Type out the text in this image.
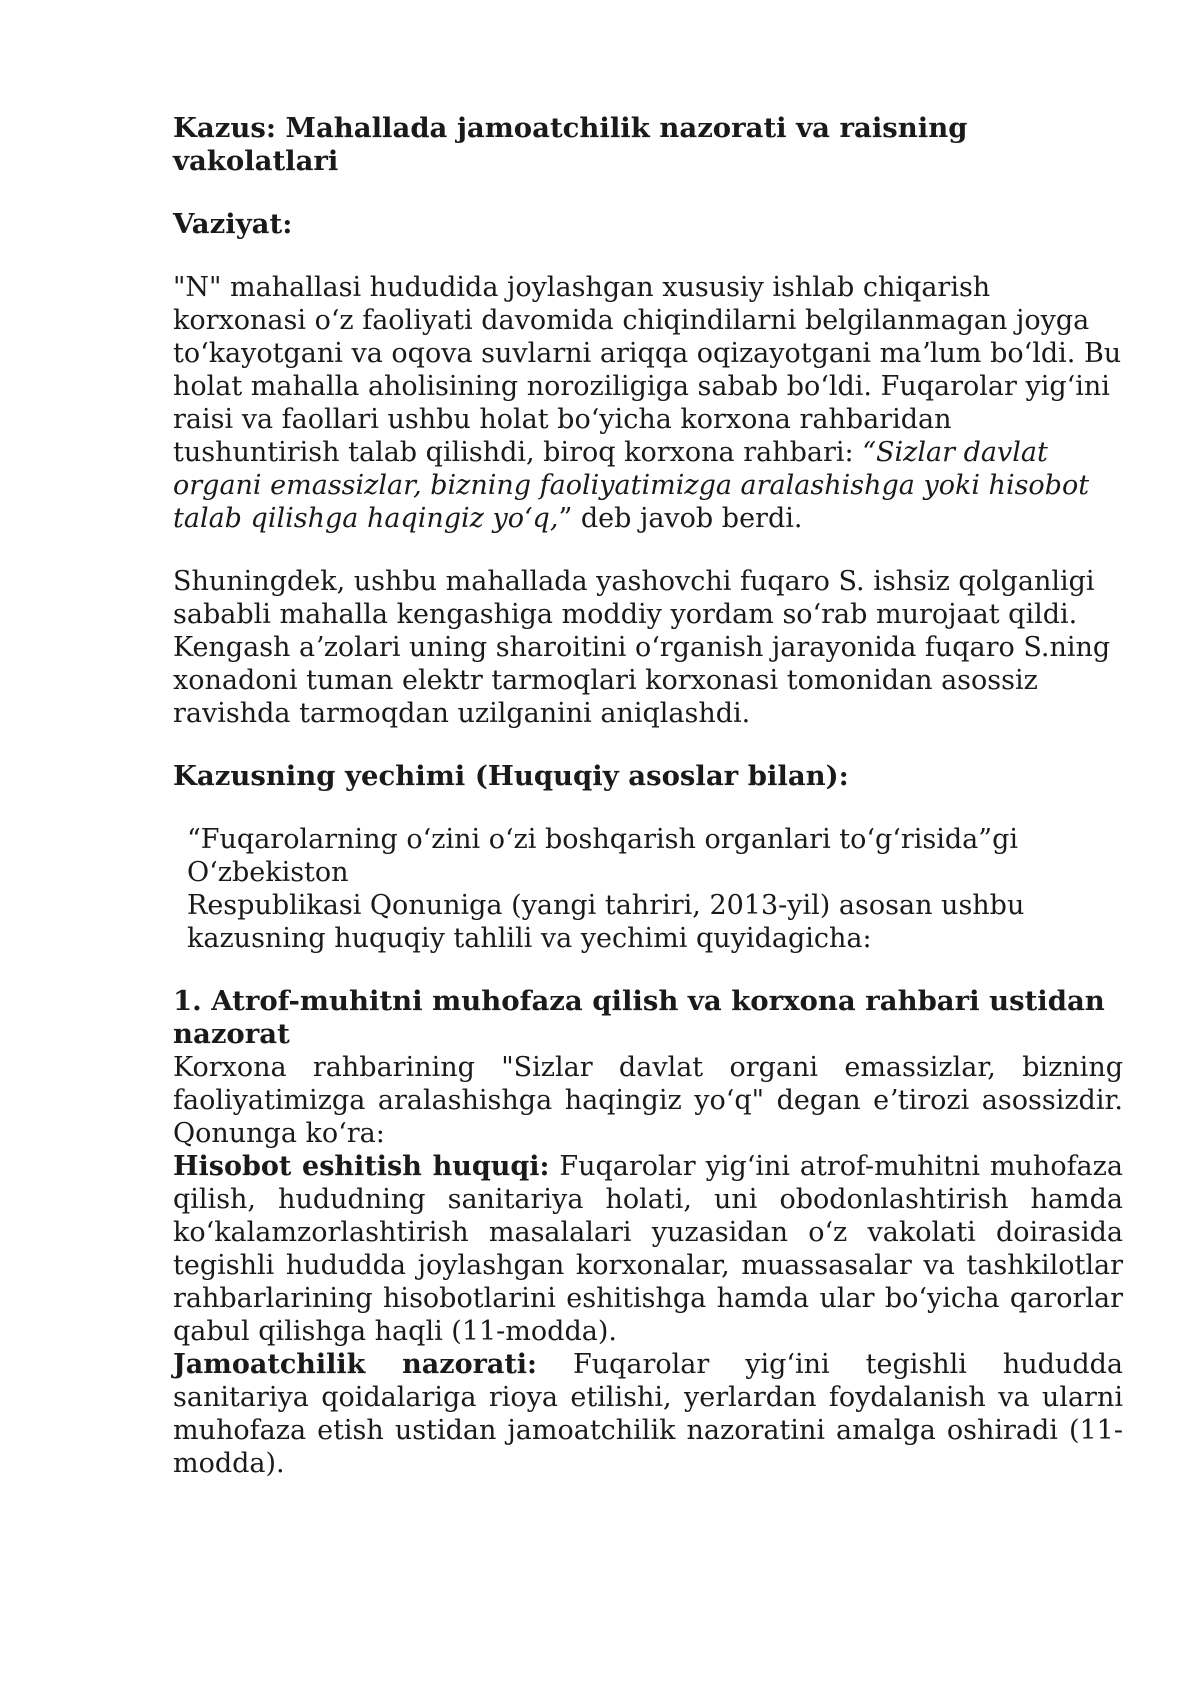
Kazus: Mahallada jamoatchilik nazorati va raisning vakolatlari

Vaziyat:

"N" mahallasi hududida joylashgan xususiy ishlab chiqarish korxonasi oʻz faoliyati davomida chiqindilarni belgilanmagan joyga toʻkayotgani va oqova suvlarni ariqqa oqizayotgani maʼlum boʻldi. Bu holat mahalla aholisining noroziligiga sabab boʻldi. Fuqarolar yigʻini raisi va faollari ushbu holat boʻyicha korxona rahbaridan tushuntirish talab qilishdi, biroq korxona rahbari: “Sizlar davlat organi emassizlar, bizning faoliyatimizga aralashishga yoki hisobot talab qilishga haqingiz yoʻq,” deb javob berdi.

Shuningdek, ushbu mahallada yashovchi fuqaro S. ishsiz qolganligi sababli mahalla kengashiga moddiy yordam soʻrab murojaat qildi. Kengash aʼzolari uning sharoitini oʻrganish jarayonida fuqaro S.ning xonadoni tuman elektr tarmoqlari korxonasi tomonidan asossiz ravishda tarmoqdan uzilganini aniqlashdi.

Kazusning yechimi (Huquqiy asoslar bilan):

“Fuqarolarning oʻzini oʻzi boshqarish organlari toʻgʻrisida”gi Oʻzbekiston

Respublikasi Qonuniga (yangi tahriri, 2013-yil) asosan ushbu kazusning huquqiy tahlili va yechimi quyidagicha:

1. Atrof-muhitni muhofaza qilish va korxona rahbari ustidan nazorat

Korxona rahbarining "Sizlar davlat organi emassizlar, bizning faoliyatimizga aralashishga haqingiz yoʻq" degan eʼtirozi asossizdir. Qonunga koʻra:

Hisobot eshitish huquqi: Fuqarolar yigʻini atrof-muhitni muhofaza qilish, hududning sanitariya holati, uni obodonlashtirish hamda koʻkalamzorlashtirish masalalari yuzasidan oʻz vakolati doirasida tegishli hududda joylashgan korxonalar, muassasalar va tashkilotlar rahbarlarining hisobotlarini eshitishga hamda ular boʻyicha qarorlar qabul qilishga haqli (11-modda).

Jamoatchilik nazorati: Fuqarolar yigʻini tegishli hududda sanitariya qoidalariga rioya etilishi, yerlardan foydalanish va ularni muhofaza etish ustidan jamoatchilik nazoratini amalga oshiradi (11-modda).
